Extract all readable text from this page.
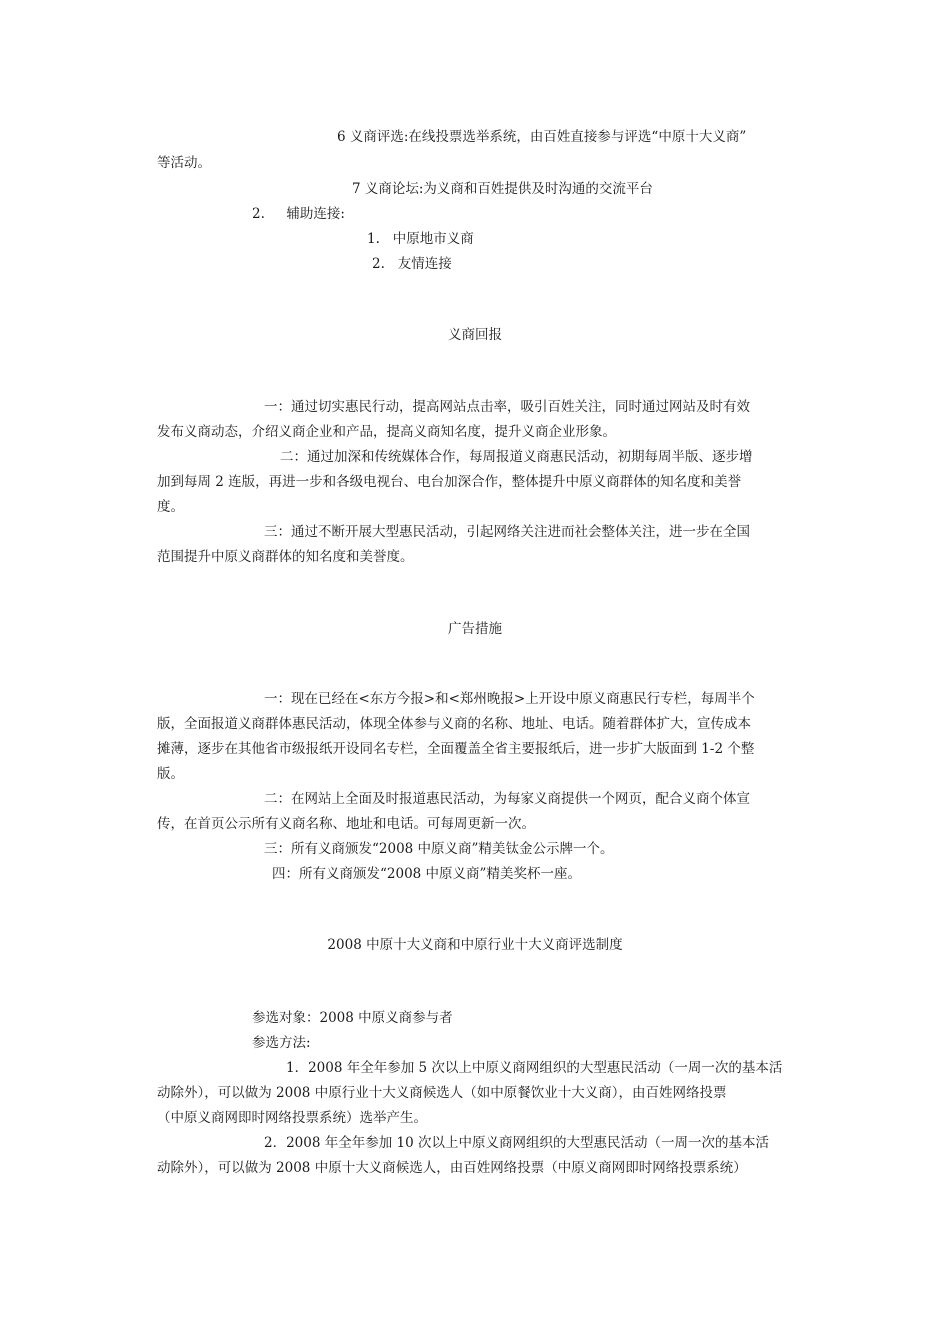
6 义商评选:在线投票选举系统，由百姓直接参与评选“中原十大义商”
等活动。
7 义商论坛:为义商和百姓提供及时沟通的交流平台
2.     辅助连接:
1.   中原地市义商
2.   友情连接
义商回报
一：通过切实惠民行动，提高网站点击率，吸引百姓关注，同时通过网站及时有效
发布义商动态，介绍义商企业和产品，提高义商知名度，提升义商企业形象。
二：通过加深和传统媒体合作，每周报道义商惠民活动，初期每周半版、逐步增
加到每周 2 连版，再进一步和各级电视台、电台加深合作，整体提升中原义商群体的知名度和美誉
度。
三：通过不断开展大型惠民活动，引起网络关注进而社会整体关注，进一步在全国
范围提升中原义商群体的知名度和美誉度。
广告措施
一：现在已经在<东方今报>和<郑州晚报>上开设中原义商惠民行专栏，每周半个
版，全面报道义商群体惠民活动，体现全体参与义商的名称、地址、电话。随着群体扩大，宣传成本
摊薄，逐步在其他省市级报纸开设同名专栏，全面覆盖全省主要报纸后，进一步扩大版面到 1-2 个整
版。
二：在网站上全面及时报道惠民活动，为每家义商提供一个网页，配合义商个体宣
传，在首页公示所有义商名称、地址和电话。可每周更新一次。
三：所有义商颁发“2008 中原义商”精美钛金公示牌一个。
四：所有义商颁发“2008 中原义商”精美奖杯一座。
2008 中原十大义商和中原行业十大义商评选制度
参选对象：2008 中原义商参与者
参选方法:
1．2008 年全年参加 5 次以上中原义商网组织的大型惠民活动（一周一次的基本活
动除外），可以做为 2008 中原行业十大义商候选人（如中原餐饮业十大义商），由百姓网络投票
（中原义商网即时网络投票系统）选举产生。
2．2008 年全年参加 10 次以上中原义商网组织的大型惠民活动（一周一次的基本活
动除外），可以做为 2008 中原十大义商候选人，由百姓网络投票（中原义商网即时网络投票系统）
